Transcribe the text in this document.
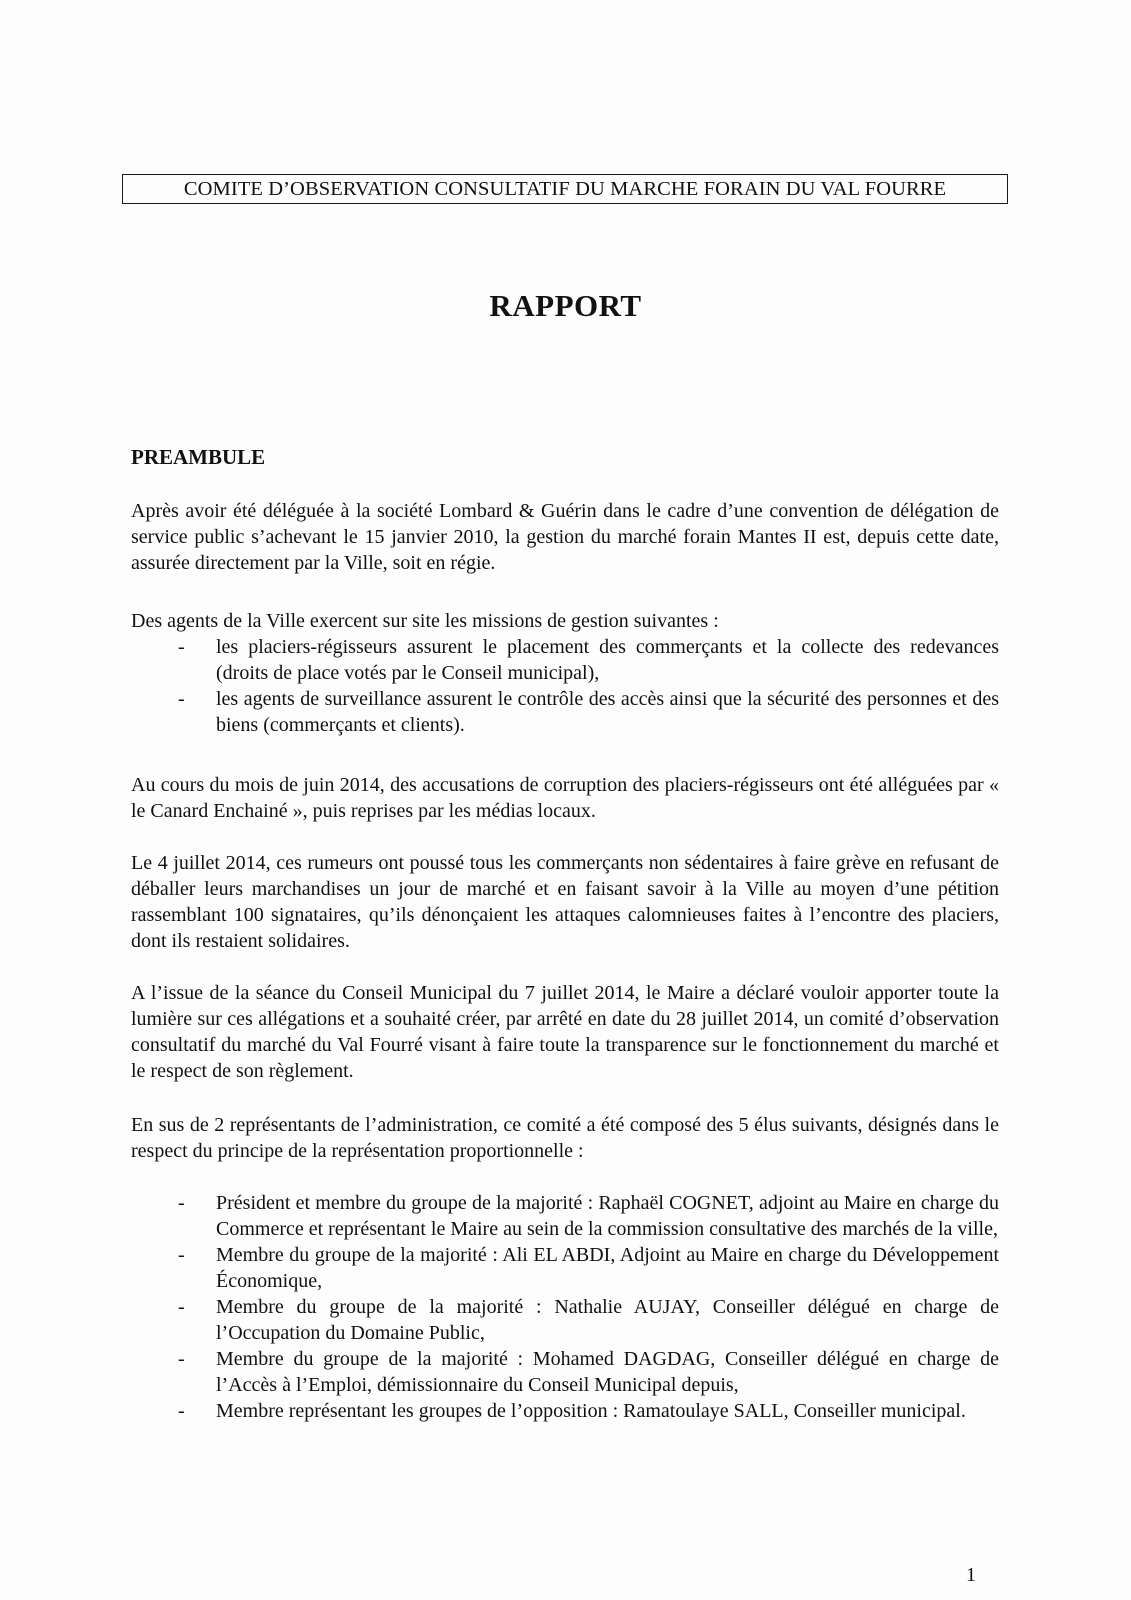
COMITE D’OBSERVATION CONSULTATIF DU MARCHE FORAIN DU VAL FOURRE
RAPPORT
PREAMBULE

Après avoir été déléguée à la société Lombard & Guérin dans le cadre d’une convention de délégation de service public s’achevant le 15 janvier 2010, la gestion du marché forain Mantes II est, depuis cette date, assurée directement par la Ville, soit en régie.

Des agents de la Ville exercent sur site les missions de gestion suivantes :

- les placiers-régisseurs assurent le placement des commerçants et la collecte des redevances (droits de place votés par le Conseil municipal),
- les agents de surveillance assurent le contrôle des accès ainsi que la sécurité des personnes et des biens (commerçants et clients).

Au cours du mois de juin 2014, des accusations de corruption des placiers-régisseurs ont été alléguées par « le Canard Enchainé », puis reprises par les médias locaux.

Le 4 juillet 2014, ces rumeurs ont poussé tous les commerçants non sédentaires à faire grève en refusant de déballer leurs marchandises un jour de marché et en faisant savoir à la Ville au moyen d’une pétition rassemblant 100 signataires, qu’ils dénonçaient les attaques calomnieuses faites à l’encontre des placiers, dont ils restaient solidaires.

A l’issue de la séance du Conseil Municipal du 7 juillet 2014, le Maire a déclaré vouloir apporter toute la lumière sur ces allégations et a souhaité créer, par arrêté en date du 28 juillet 2014, un comité d’observation consultatif du marché du Val Fourré visant à faire toute la transparence sur le fonctionnement du marché et le respect de son règlement.

En sus de 2 représentants de l’administration, ce comité a été composé des 5 élus suivants, désignés dans le respect du principe de la représentation proportionnelle :

- Président et membre du groupe de la majorité : Raphaël COGNET, adjoint au Maire en charge du Commerce et représentant le Maire au sein de la commission consultative des marchés de la ville,
- Membre du groupe de la majorité : Ali EL ABDI, Adjoint au Maire en charge du Développement Économique,
- Membre du groupe de la majorité : Nathalie AUJAY, Conseiller délégué en charge de l’Occupation du Domaine Public,
- Membre du groupe de la majorité : Mohamed DAGDAG, Conseiller délégué en charge de l’Accès à l’Emploi, démissionnaire du Conseil Municipal depuis,
- Membre représentant les groupes de l’opposition : Ramatoulaye SALL, Conseiller municipal.
1
